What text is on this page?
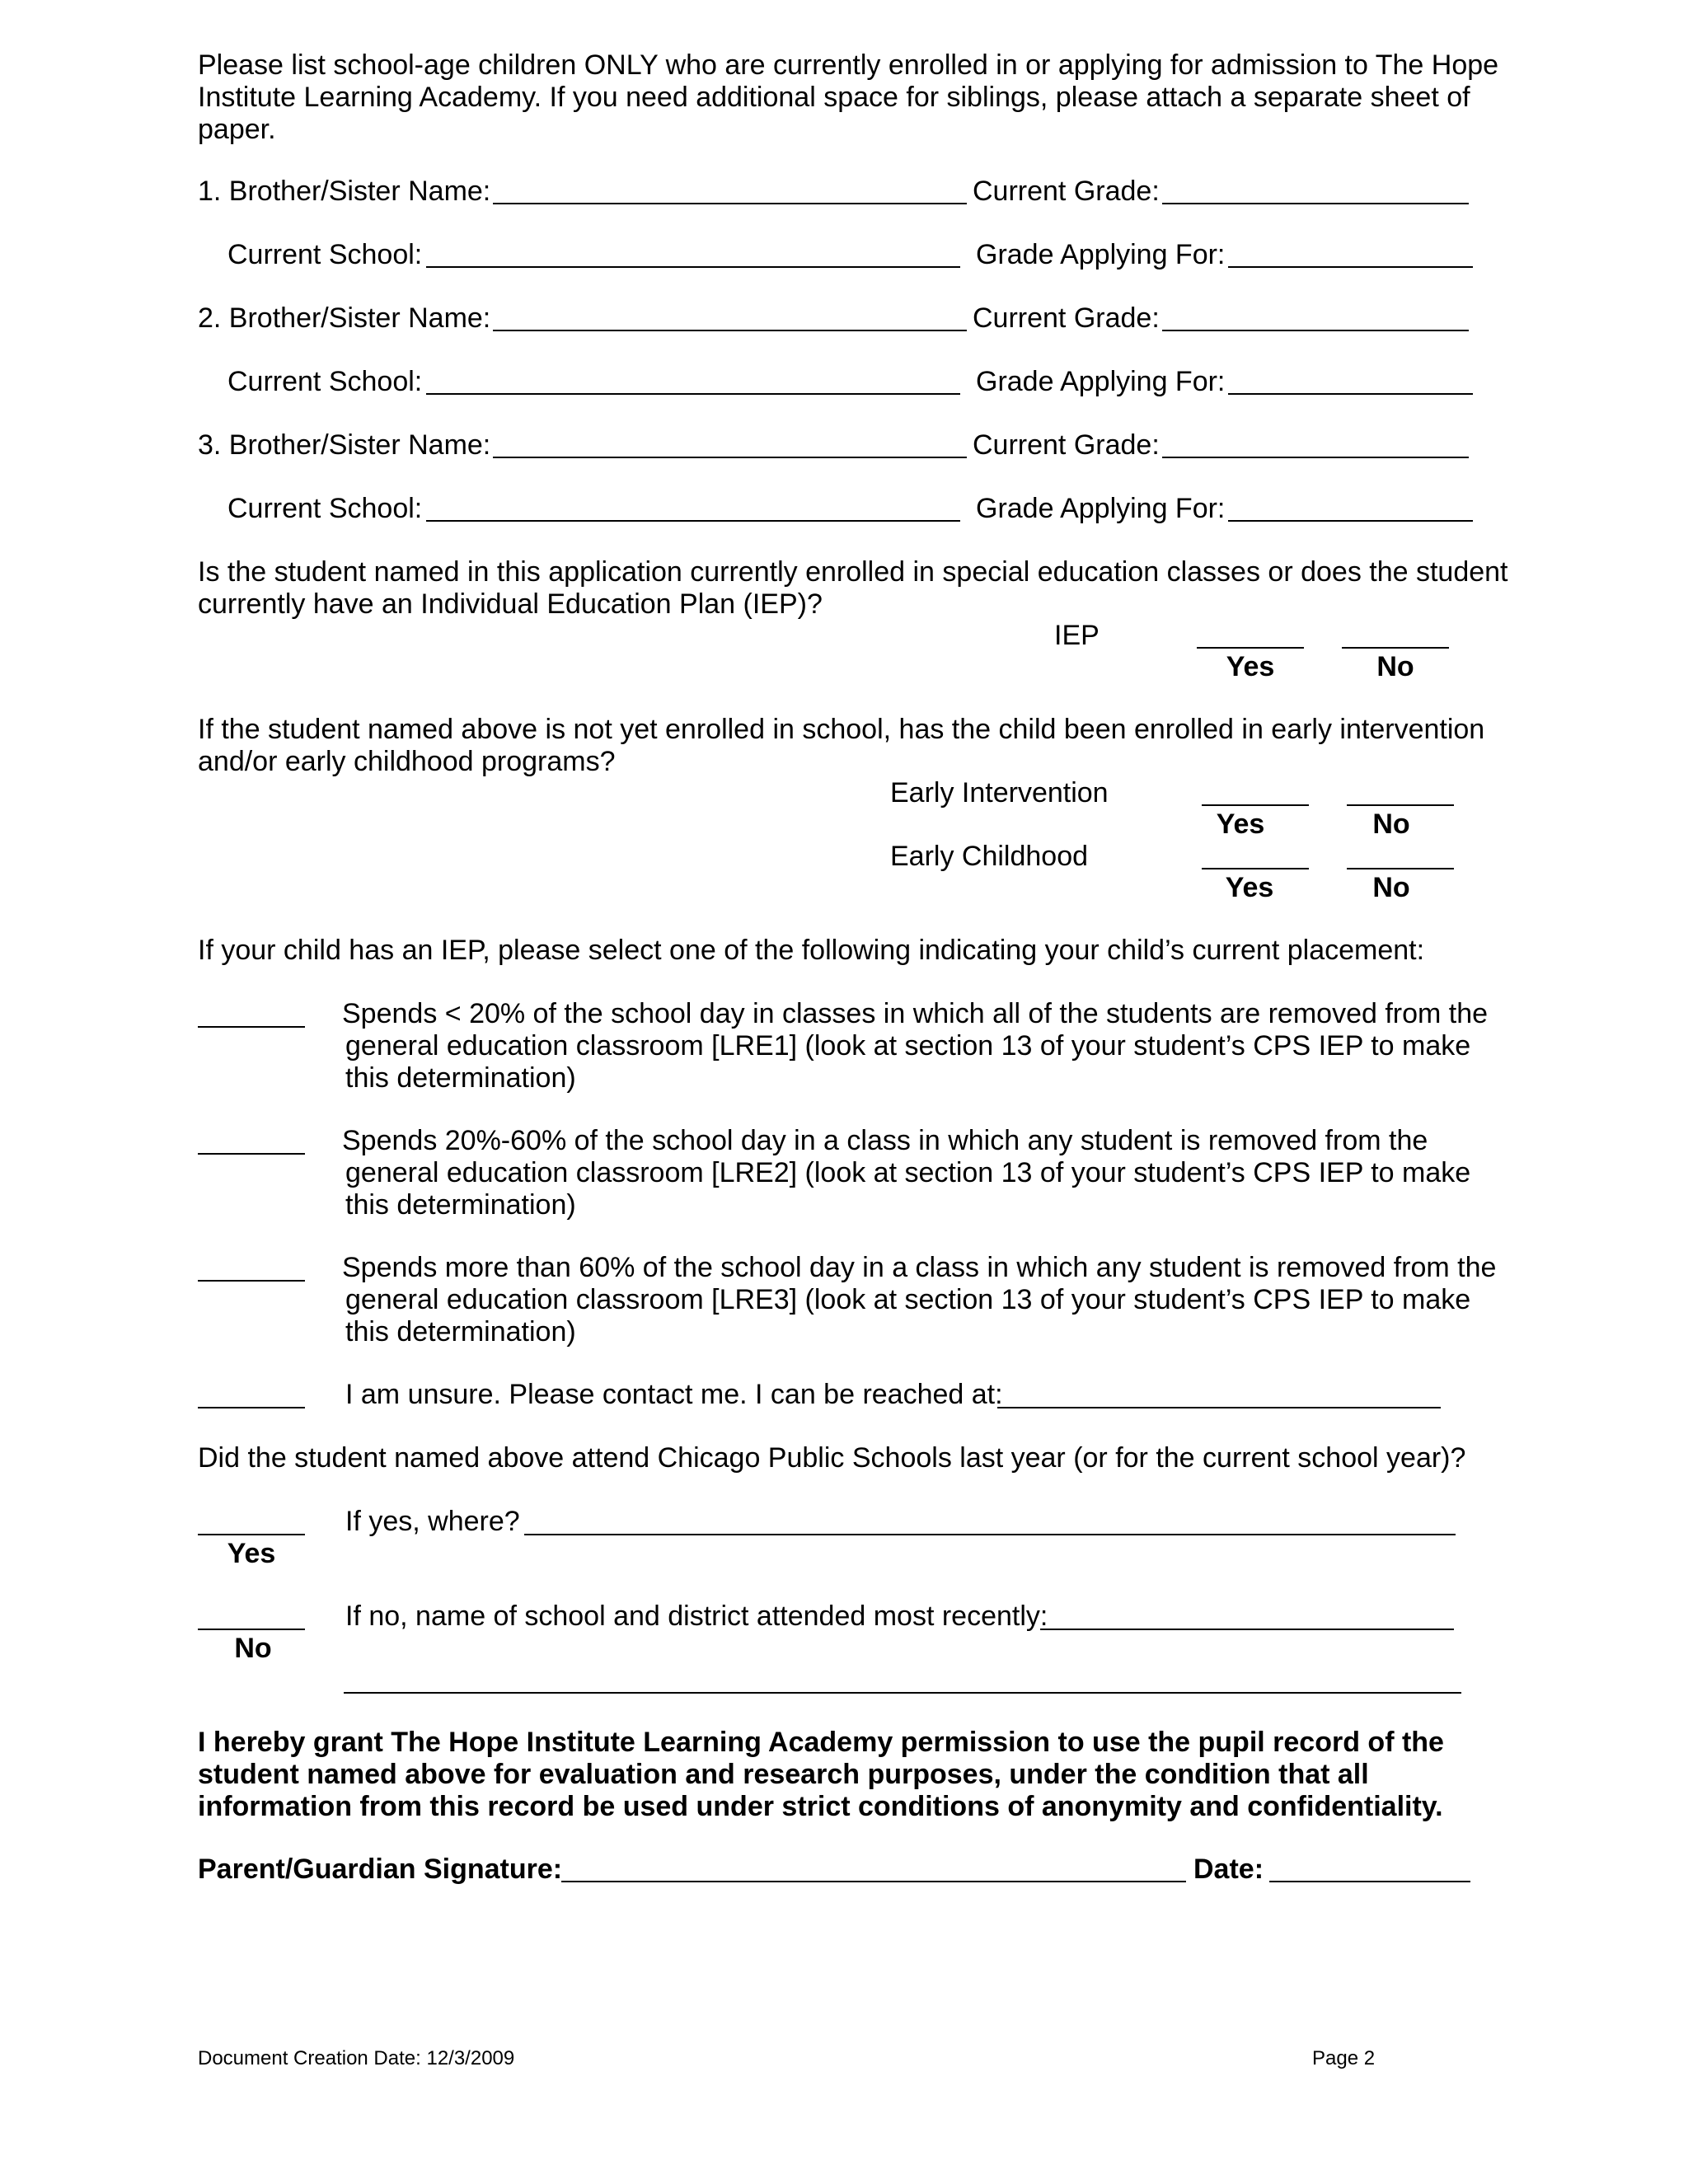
Please list school-age children ONLY who are currently enrolled in or applying for admission to The Hope
Institute Learning Academy. If you need additional space for siblings, please attach a separate sheet of
paper.
1. Brother/Sister Name:	Current Grade:
Current School:	Grade Applying For:
2. Brother/Sister Name:	Current Grade:
Current School:	Grade Applying For:
3. Brother/Sister Name:	Current Grade:
Current School:	Grade Applying For:
Is the student named in this application currently enrolled in special education classes or does the student
currently have an Individual Education Plan (IEP)?
IEP
Yes	No
If the student named above is not yet enrolled in school, has the child been enrolled in early intervention
and/or early childhood programs?
Early Intervention
Yes	No
Early Childhood
Yes	No
If your child has an IEP, please select one of the following indicating your child’s current placement:
Spends < 20% of the school day in classes in which all of the students are removed from the
general education classroom [LRE1] (look at section 13 of your student’s CPS IEP to make
this determination)
Spends 20%-60% of the school day in a class in which any student is removed from the
general education classroom [LRE2] (look at section 13 of your student’s CPS IEP to make
this determination)
Spends more than 60% of the school day in a class in which any student is removed from the
general education classroom [LRE3] (look at section 13 of your student’s CPS IEP to make
this determination)
I am unsure. Please contact me. I can be reached at:
Did the student named above attend Chicago Public Schools last year (or for the current school year)?
Yes
If yes, where?
No
If no, name of school and district attended most recently:
I hereby grant The Hope Institute Learning Academy permission to use the pupil record of the
student named above for evaluation and research purposes, under the condition that all
information from this record be used under strict conditions of anonymity and confidentiality.
Parent/Guardian Signature:	Date:
Document Creation Date: 12/3/2009	Page 2
